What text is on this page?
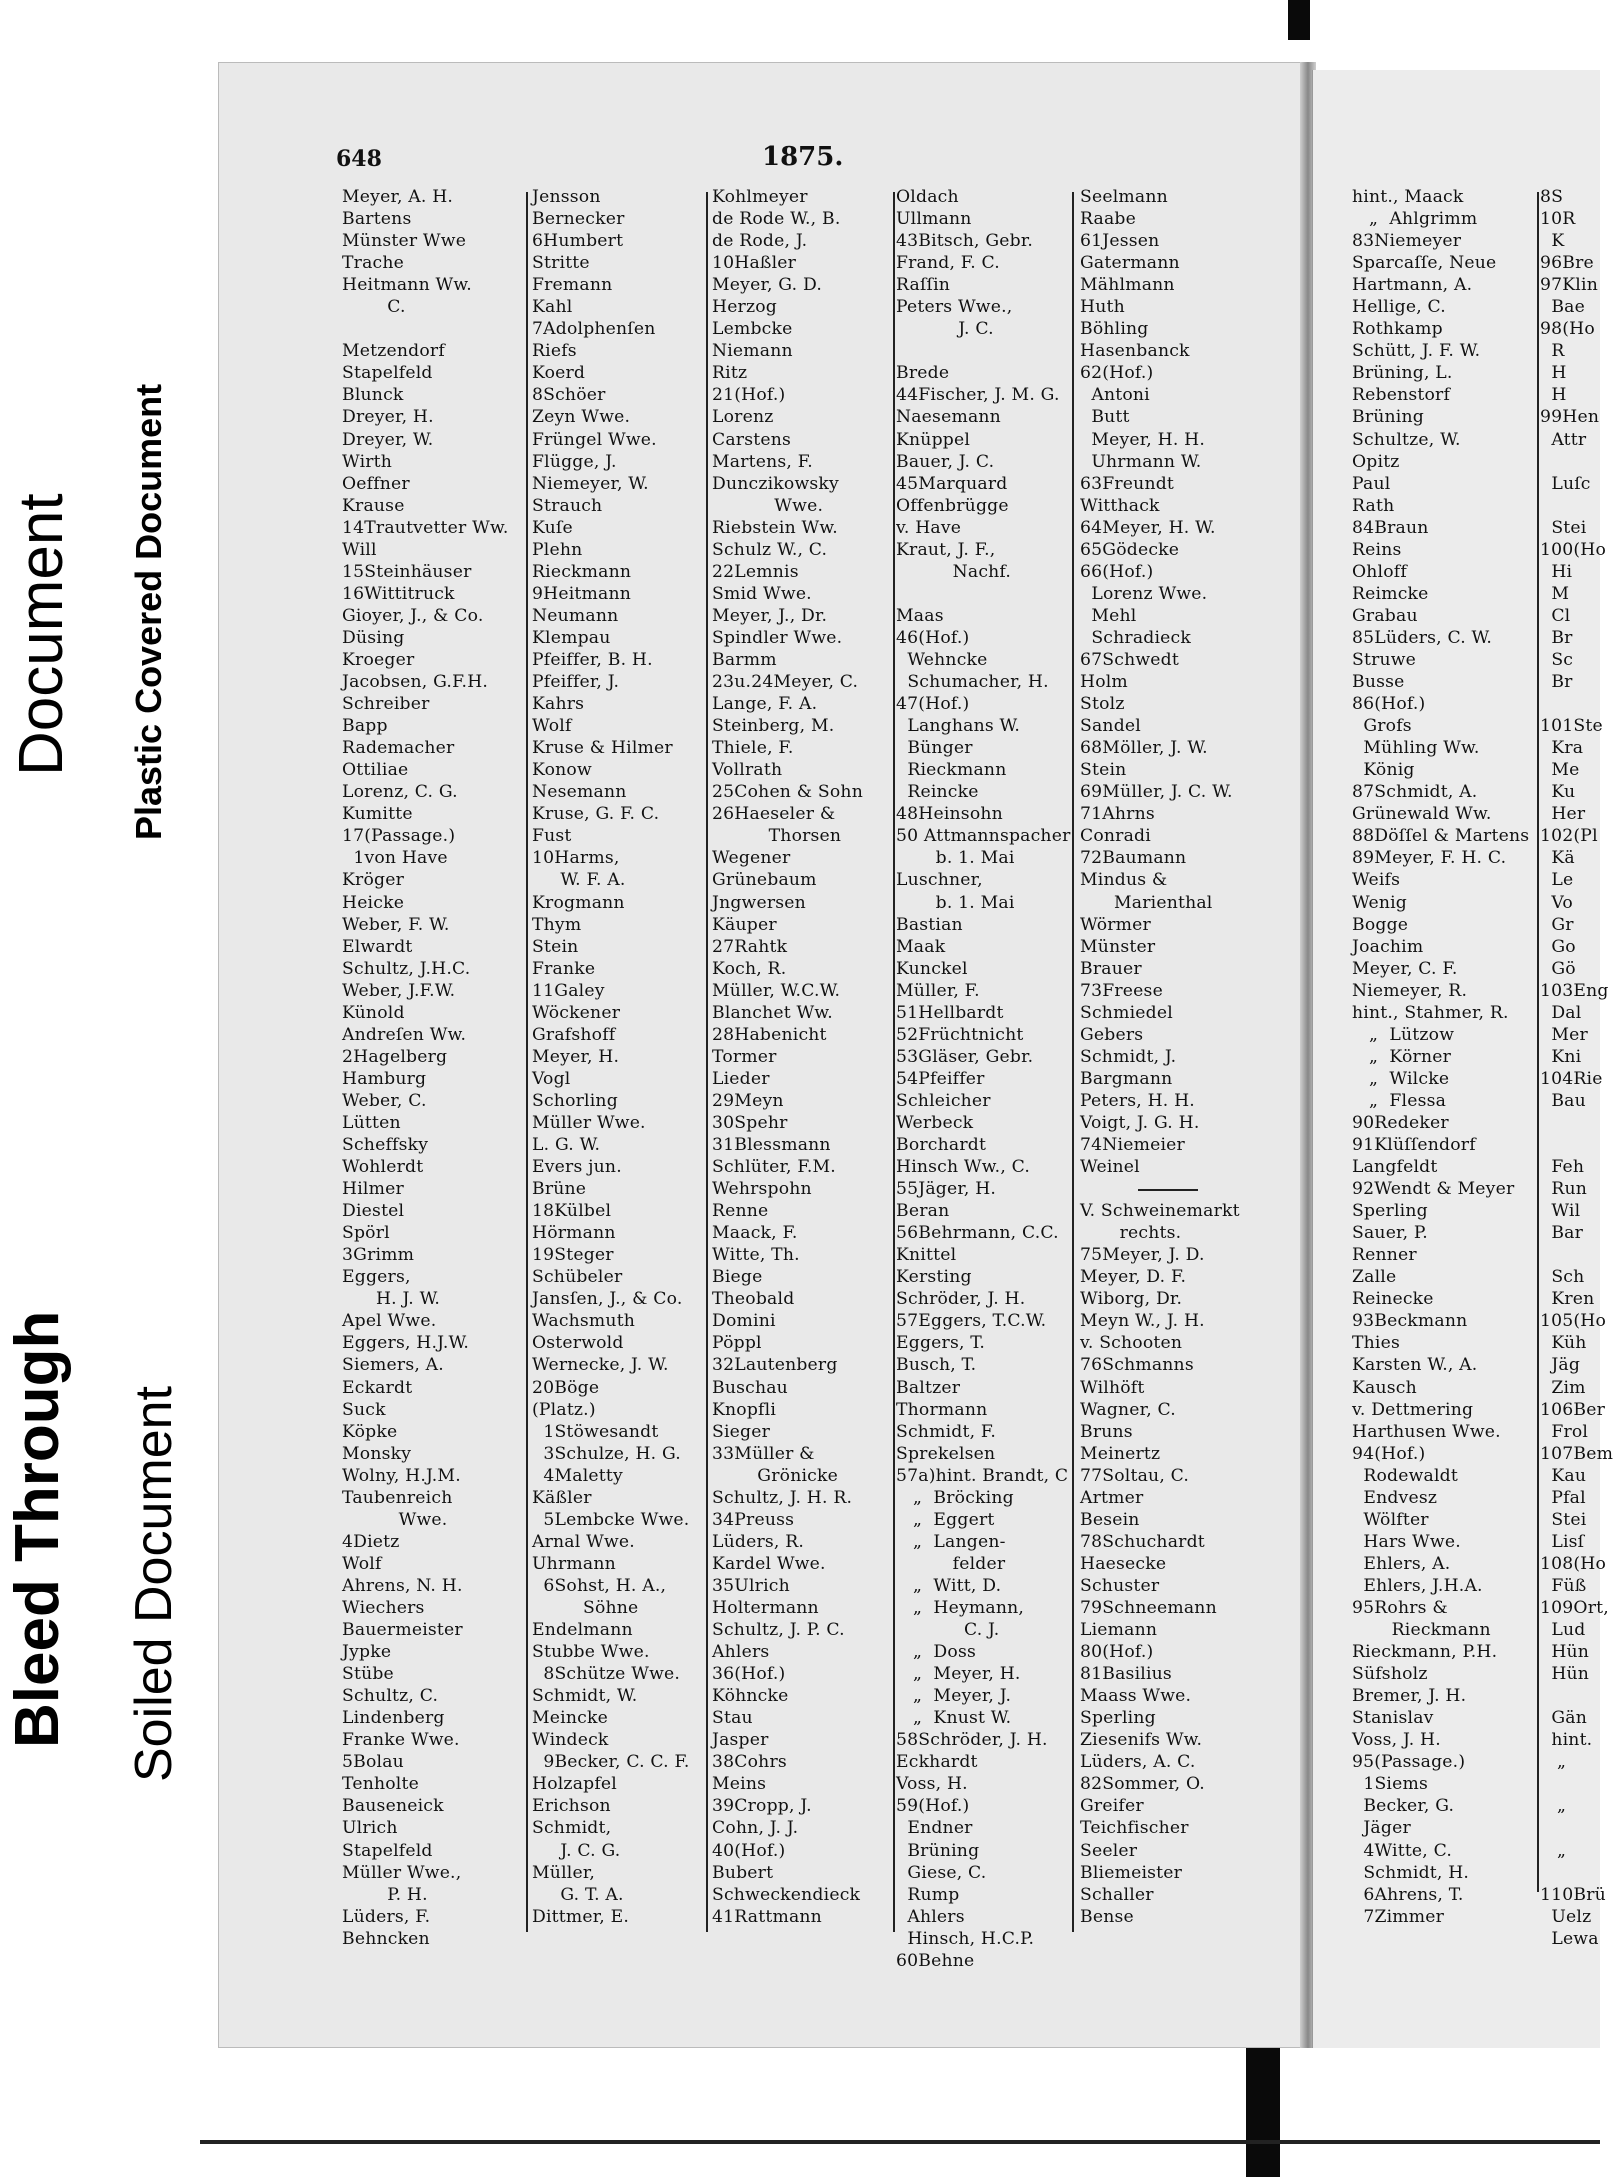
Document Plastic Covered Document
Bleed Through Soiled Document
648	1875.
Meyer, A. H.
Bartens
Münster Wwe
Trache
Heitmann Ww.
C.
Metzendorf
Stapelfeld
Blunck
Dreyer, H.
Dreyer, W.
Wirth
Oeffner
Krause
14Trautvetter Ww.
Will
15Steinhäuser
16Wittitruck
Gioyer, J., & Co.
Düsing
Kroeger
Jacobsen, G.F.H.
Schreiber
Bapp
Rademacher
Ottiliae
Lorenz, C. G.
Kumitte
17(Passage.)
1von Have
Kröger
Heicke
Weber, F. W.
Elwardt
Schultz, J.H.C.
Weber, J.F.W.
Künold
Andreſen Ww.
2Hagelberg
Hamburg
Weber, C.
Lütten
Scheffsky
Wohlerdt
Hilmer
Diestel
Spörl
3Grimm
Eggers,
H. J. W.
Apel Wwe.
Eggers, H.J.W.
Siemers, A.
Eckardt
Suck
Köpke
Monsky
Wolny, H.J.M.
Taubenreich
Wwe.
4Dietz
Wolf
Ahrens, N. H.
Wiechers
Bauermeister
Jypke
Stübe
Schultz, C.
Lindenberg
Franke Wwe.
5Bolau
Tenholte
Bauseneick
Ulrich
Stapelfeld
Müller Wwe.,
P. H.
Lüders, F.
Behncken
Jensson
Bernecker
6Humbert
Stritte
Fremann
Kahl
7Adolphenſen
Riefs
Koerd
8Schöer
Zeyn Wwe.
Früngel Wwe.
Flügge, J.
Niemeyer, W.
Strauch
Kuſe
Plehn
Rieckmann
9Heitmann
Neumann
Klempau
Pfeiffer, B. H.
Pfeiffer, J.
Kahrs
Wolf
Kruse & Hilmer
Konow
Nesemann
Kruse, G. F. C.
Fust
10Harms,
W. F. A.
Krogmann
Thym
Stein
Franke
11Galey
Wöckener
Grafshoff
Meyer, H.
Vogl
Schorling
Müller Wwe.
L. G. W.
Evers jun.
Brüne
18Külbel
Hörmann
19Steger
Schübeler
Jansſen, J., & Co.
Wachsmuth
Osterwold
Wernecke, J. W.
20Böge
(Platz.)
1Stöwesandt
3Schulze, H. G.
4Maletty
Käßler
5Lembcke Wwe.
Arnal Wwe.
Uhrmann
6Sohst, H. A.,
Söhne
Endelmann
Stubbe Wwe.
8Schütze Wwe.
Schmidt, W.
Meincke
Windeck
9Becker, C. C. F.
Holzapfel
Erichson
Schmidt,
J. C. G.
Müller,
G. T. A.
Dittmer, E.
Kohlmeyer
de Rode W., B.
de Rode, J.
10Haßler
Meyer, G. D.
Herzog
Lembcke
Niemann
Ritz
21(Hof.)
Lorenz
Carstens
Martens, F.
Dunczikowsky
Wwe.
Riebstein Ww.
Schulz W., C.
22Lemnis
Smid Wwe.
Meyer, J., Dr.
Spindler Wwe.
Barmm
23u.24Meyer, C.
Lange, F. A.
Steinberg, M.
Thiele, F.
Vollrath
25Cohen & Sohn
26Haeseler &
Thorsen
Wegener
Grünebaum
Jngwersen
Käuper
27Rahtk
Koch, R.
Müller, W.C.W.
Blanchet Ww.
28Habenicht
Tormer
Lieder
29Meyn
30Spehr
31Blessmann
Schlüter, F.M.
Wehrspohn
Renne
Maack, F.
Witte, Th.
Biege
Theobald
Domini
Pöppl
32Lautenberg
Buschau
Knopfli
Sieger
33Müller &
Grönicke
Schultz, J. H. R.
34Preuss
Lüders, R.
Kardel Wwe.
35Ulrich
Holtermann
Schultz, J. P. C.
Ahlers
36(Hof.)
Köhncke
Stau
Jasper
38Cohrs
Meins
39Cropp, J.
Cohn, J. J.
40(Hof.)
Bubert
Schweckendieck
41Rattmann
Oldach
Ullmann
43Bitsch, Gebr.
Frand, F. C.
Raſſin
Peters Wwe.,
J. C.
Brede
44Fischer, J. M. G.
Naesemann
Knüppel
Bauer, J. C.
45Marquard
Offenbrügge
v. Have
Kraut, J. F.,
Nachf.
Maas
46(Hof.)
Wehncke
Schumacher, H.
47(Hof.)
Langhans W.
Bünger
Rieckmann
Reincke
48Heinsohn
50 Attmannspacher
b. 1. Mai
Luschner,
b. 1. Mai
Bastian
Maak
Kunckel
Müller, F.
51Hellbardt
52Früchtnicht
53Gläser, Gebr.
54Pfeiffer
Schleicher
Werbeck
Borchardt
Hinsch Ww., C.
55Jäger, H.
Beran
56Behrmann, C.C.
Knittel
Kersting
Schröder, J. H.
57Eggers, T.C.W.
Eggers, T.
Busch, T.
Baltzer
Thormann
Schmidt, F.
Sprekelsen
57a)hint. Brandt, C
„  Bröcking
„  Eggert
„  Langen-
felder
„  Witt, D.
„  Heymann,
C. J.
„  Doss
„  Meyer, H.
„  Meyer, J.
„  Knust W.
58Schröder, J. H.
Eckhardt
Voss, H.
59(Hof.)
Endner
Brüning
Giese, C.
Rump
Ahlers
Hinsch, H.C.P.
60Behne
Seelmann
Raabe
61Jessen
Gatermann
Mählmann
Huth
Böhling
Hasenbanck
62(Hof.)
Antoni
Butt
Meyer, H. H.
Uhrmann W.
63Freundt
Witthack
64Meyer, H. W.
65Gödecke
66(Hof.)
Lorenz Wwe.
Mehl
Schradieck
67Schwedt
Holm
Stolz
Sandel
68Möller, J. W.
Stein
69Müller, J. C. W.
71Ahrns
Conradi
72Baumann
Mindus &
Marienthal
Wörmer
Münster
Brauer
73Freese
Schmiedel
Gebers
Schmidt, J.
Bargmann
Peters, H. H.
Voigt, J. G. H.
74Niemeier
Weinel
V. Schweinemarkt
rechts.
75Meyer, J. D.
Meyer, D. F.
Wiborg, Dr.
Meyn W., J. H.
v. Schooten
76Schmanns
Wilhöft
Wagner, C.
Bruns
Meinertz
77Soltau, C.
Artmer
Besein
78Schuchardt
Haesecke
Schuster
79Schneemann
Liemann
80(Hof.)
81Basilius
Maass Wwe.
Sperling
Ziesenifs Ww.
Lüders, A. C.
82Sommer, O.
Greifer
Teichfischer
Seeler
Bliemeister
Schaller
Bense
hint., Maack
„  Ahlgrimm
83Niemeyer
Sparcaſſe, Neue
Hartmann, A.
Hellige, C.
Rothkamp
Schütt, J. F. W.
Brüning, L.
Rebenstorf
Brüning
Schultze, W.
Opitz
Paul
Rath
84Braun
Reins
Ohloff
Reimcke
Grabau
85Lüders, C. W.
Struwe
Busse
86(Hof.)
Grofs
Mühling Ww.
König
87Schmidt, A.
Grünewald Ww.
88Döſſel & Martens
89Meyer, F. H. C.
Weifs
Wenig
Bogge
Joachim
Meyer, C. F.
Niemeyer, R.
hint., Stahmer, R.
„  Lützow
„  Körner
„  Wilcke
„  Flessa
90Redeker
91Klüſſendorf
Langfeldt
92Wendt & Meyer
Sperling
Sauer, P.
Renner
Zalle
Reinecke
93Beckmann
Thies
Karsten W., A.
Kausch
v. Dettmering
Harthusen Wwe.
94(Hof.)
Rodewaldt
Endvesz
Wölfter
Hars Wwe.
Ehlers, A.
Ehlers, J.H.A.
95Rohrs &
Rieckmann
Rieckmann, P.H.
Süfsholz
Bremer, J. H.
Stanislav
Voss, J. H.
95(Passage.)
1Siems
Becker, G.
Jäger
4Witte, C.
Schmidt, H.
6Ahrens, T.
7Zimmer
8S
10R
K
96Bre
97Klin
Bae
98(Ho
R
H
H
99Hen
Attr
Luſc
Stei
100(Ho
Hi
M
Cl
Br
Sc
Br
101Ste
Kra
Me
Ku
Her
102(Pl
Kä
Le
Vo
Gr
Go
Gö
103Eng
Dal
Mer
Kni
104Rie
Bau
Feh
Run
Wil
Bar
Sch
Kren
105(Ho
Küh
Jäg
Zim
106Ber
Frol
107Bem
Kau
Pfal
Stei
Lisſ
108(Ho
Füß
109Ort,
Lud
Hün
Hün
Gän
hint.
„
„
„
110Brü
Uelz
Lewa
